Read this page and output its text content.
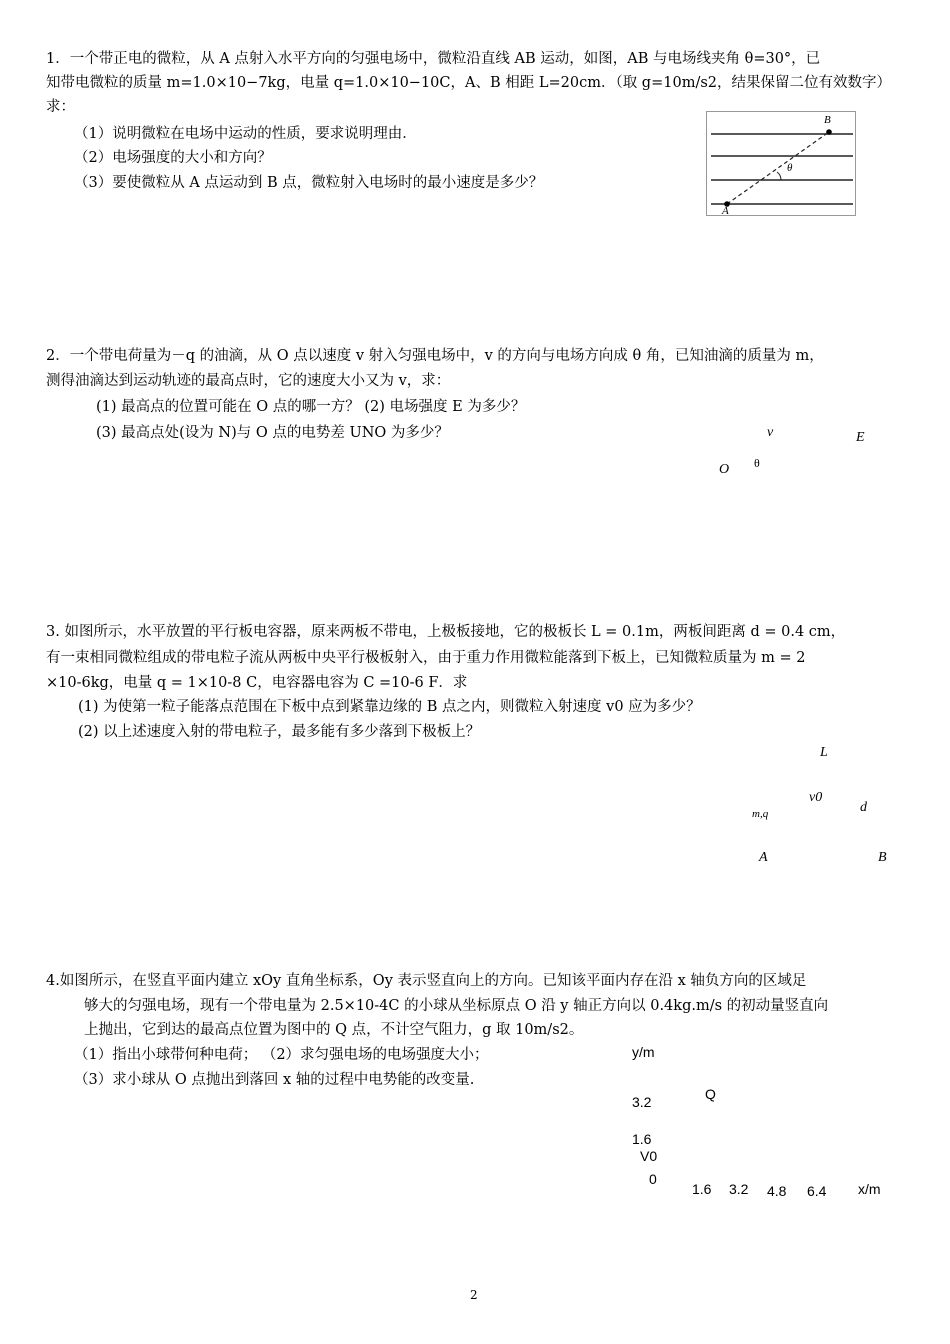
1．一个带正电的微粒，从 A 点射入水平方向的匀强电场中，微粒沿直线 AB 运动，如图，AB 与电场线夹角 θ=30°，已
知带电微粒的质量 m=1.0×10−7kg，电量 q=1.0×10−10C，A、B 相距 L=20cm．（取 g=10m/s2，结果保留二位有效数字）
求：
（1）说明微粒在电场中运动的性质，要求说明理由．
（2）电场强度的大小和方向？
（3）要使微粒从 A 点运动到 B 点，微粒射入电场时的最小速度是多少？
B
A
θ
2．一个带电荷量为－q 的油滴，从 O 点以速度 v 射入匀强电场中，v 的方向与电场方向成 θ 角，已知油滴的质量为 m，
测得油滴达到运动轨迹的最高点时，它的速度大小又为 v，求：
(1) 最高点的位置可能在 O 点的哪一方？ (2) 电场强度 E 为多少？
(3) 最高点处(设为 N)与 O 点的电势差 UNO 为多少？	v	E
O θ
3. 如图所示，水平放置的平行板电容器，原来两板不带电，上极板接地，它的极板长 L = 0.1m，两板间距离 d = 0.4 cm，
有一束相同微粒组成的带电粒子流从两板中央平行极板射入，由于重力作用微粒能落到下板上，已知微粒质量为 m = 2
×10-6kg，电量 q = 1×10-8 C，电容器电容为 C =10-6 F．求
(1) 为使第一粒子能落点范围在下板中点到紧靠边缘的 B 点之内，则微粒入射速度 v0 应为多少？
(2) 以上述速度入射的带电粒子，最多能有多少落到下极板上？
L
v0
d
m,q
A	B
4.如图所示，在竖直平面内建立 xOy 直角坐标系，Oy 表示竖直向上的方向。已知该平面内存在沿 x 轴负方向的区域足
够大的匀强电场，现有一个带电量为 2.5×10-4C 的小球从坐标原点 O 沿 y 轴正方向以 0.4kg.m/s 的初动量竖直向
上抛出，它到达的最高点位置为图中的 Q 点，不计空气阻力，g 取 10m/s2。
（1）指出小球带何种电荷； （2）求匀强电场的电场强度大小；
（3）求小球从 O 点抛出到落回 x 轴的过程中电势能的改变量.
y/m
Q
3.2
1.6
V0
0
1.6 3.2 4.8 6.4 x/m
2
